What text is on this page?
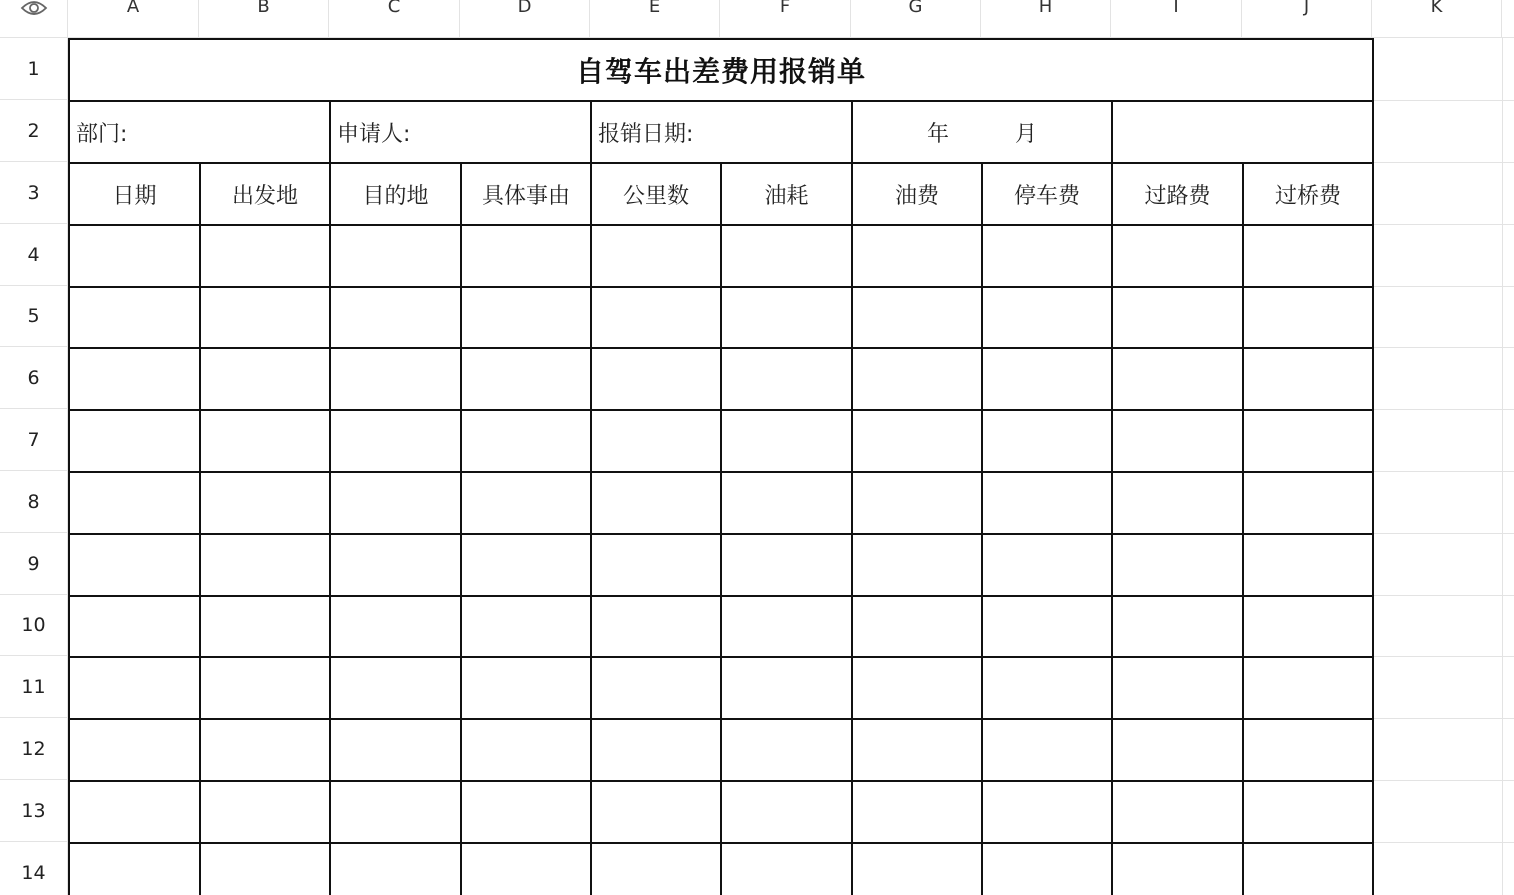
A	B	C	D	E	F	G	H	I	J	K
1
2
3
4
5
6
7
8
9
10
11
12
13
14
自驾车出差费用报销单									
部门:		申请人:		报销日期:		年 月			
日期	出发地	目的地	具体事由	公里数	油耗	油费	停车费	过路费	过桥费
